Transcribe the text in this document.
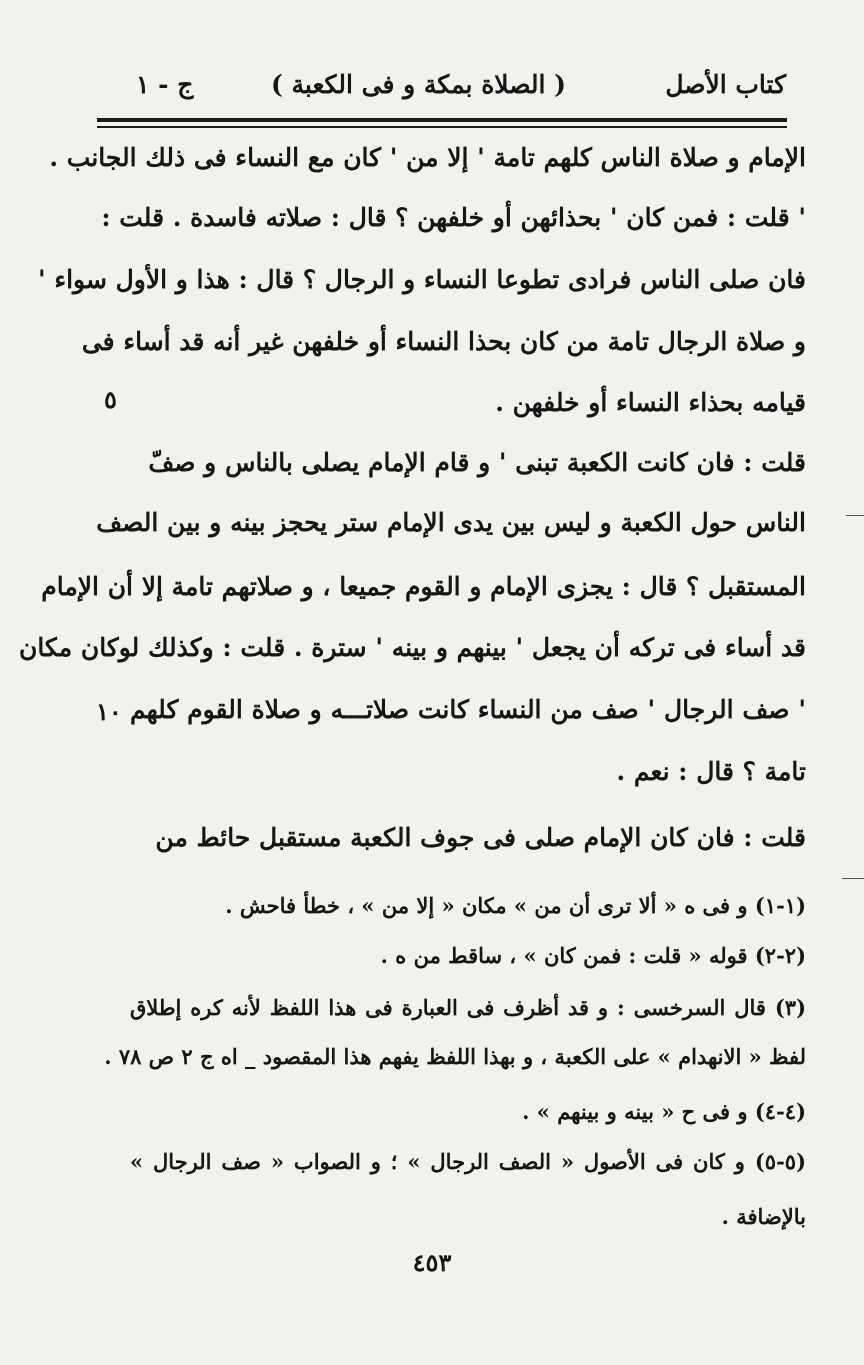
كتاب الأصل
( الصلاة بمكة و فى الكعبة )
ج - ١
الإمام و صلاة الناس كلهم تامة ' إلا من ' كان مع النساء فى ذلك الجانب .
' قلت : فمن كان ' بحذائهن أو خلفهن ؟ قال : صلاته فاسدة . قلت :
فان صلى الناس فرادى تطوعا النساء و الرجال ؟ قال : هذا و الأول سواء '
و صلاة الرجال تامة من كان بحذا النساء أو خلفهن غير أنه قد أساء فى
قيامه بحذاء النساء أو خلفهن .
قلت : فان كانت الكعبة تبنى ' و قام الإمام يصلى بالناس و صفّ
الناس حول الكعبة و ليس بين يدى الإمام ستر يحجز بينه و بين الصف
المستقبل ؟ قال : يجزى الإمام و القوم جميعا ، و صلاتهم تامة إلا أن الإمام
قد أساء فى تركه أن يجعل ' بينهم و بينه ' سترة . قلت : وكذلك لوكان مكان
' صف الرجال ' صف من النساء كانت صلاتـــه و صلاة القوم كلهم
تامة ؟ قال : نعم .
قلت : فان كان الإمام صلى فى جوف الكعبة مستقبل حائط من
٥
١٠
(١-١) و فى ه « ألا ترى أن من » مكان « إلا من » ، خطأ فاحش .
(٢-٢) قوله « قلت : فمن كان » ، ساقط من ه .
(٣) قال السرخسى : و قد أظرف فى العبارة فى هذا اللفظ لأنه كره إطلاق
لفظ « الانهدام » على الكعبة ، و بهذا اللفظ يفهم هذا المقصود _ اه ج ٢ ص ٧٨ .
(٤-٤) و فى ح « بينه و بينهم » .
(٥-٥) و كان فى الأصول « الصف الرجال » ؛ و الصواب « صف الرجال »
بالإضافة .
٤٥٣
